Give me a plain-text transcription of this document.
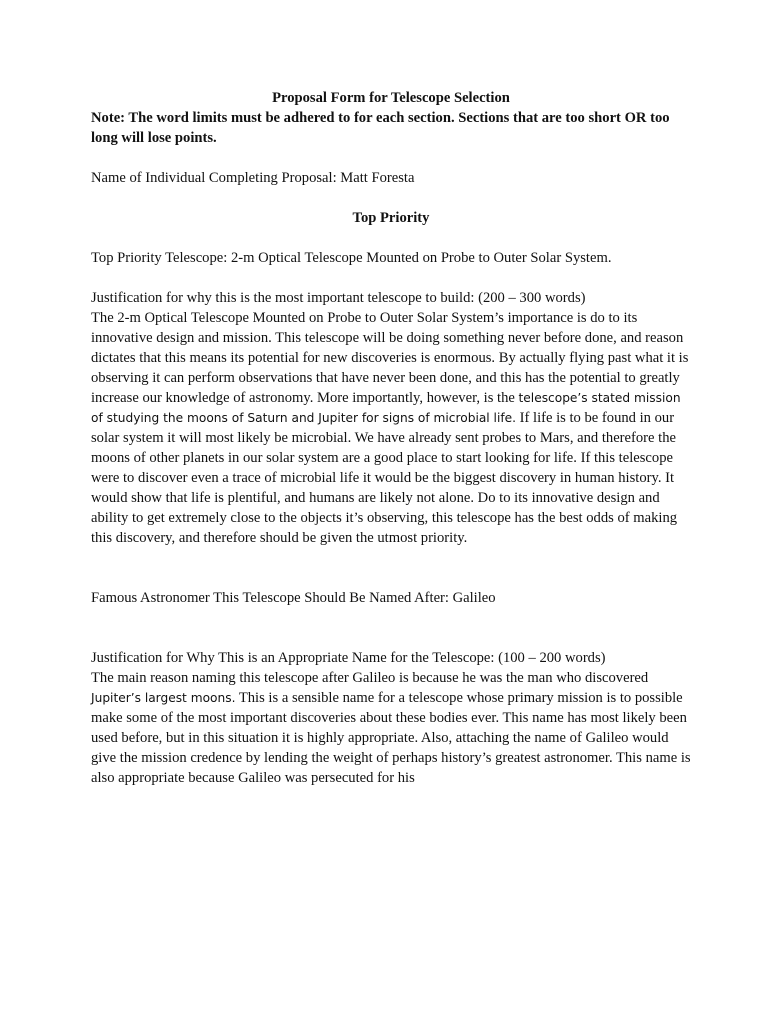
Proposal Form for Telescope Selection

Note: The word limits must be adhered to for each section. Sections that are too short OR too long will lose points.

Name of Individual Completing Proposal: Matt Foresta

Top Priority

Top Priority Telescope: 2-m Optical Telescope Mounted on Probe to Outer Solar System.

Justification for why this is the most important telescope to build: (200 – 300 words)

The 2-m Optical Telescope Mounted on Probe to Outer Solar System’s importance is do to its innovative design and mission. This telescope will be doing something never before done, and reason dictates that this means its potential for new discoveries is enormous. By actually flying past what it is observing it can perform observations that have never been done, and this has the potential to greatly increase our knowledge of astronomy. More importantly, however, is the telescope’s stated mission of studying the moons of Saturn and Jupiter for signs of microbial life. If life is to be found in our solar system it will most likely be microbial. We have already sent probes to Mars, and therefore the moons of other planets in our solar system are a good place to start looking for life. If this telescope were to discover even a trace of microbial life it would be the biggest discovery in human history. It would show that life is plentiful, and humans are likely not alone. Do to its innovative design and ability to get extremely close to the objects it’s observing, this telescope has the best odds of making this discovery, and therefore should be given the utmost priority.

Famous Astronomer This Telescope Should Be Named After: Galileo

Justification for Why This is an Appropriate Name for the Telescope: (100 – 200 words)

The main reason naming this telescope after Galileo is because he was the man who discovered Jupiter’s largest moons. This is a sensible name for a telescope whose primary mission is to possible make some of the most important discoveries about these bodies ever. This name has most likely been used before, but in this situation it is highly appropriate. Also, attaching the name of Galileo would give the mission credence by lending the weight of perhaps history’s greatest astronomer. This name is also appropriate because Galileo was persecuted for his
